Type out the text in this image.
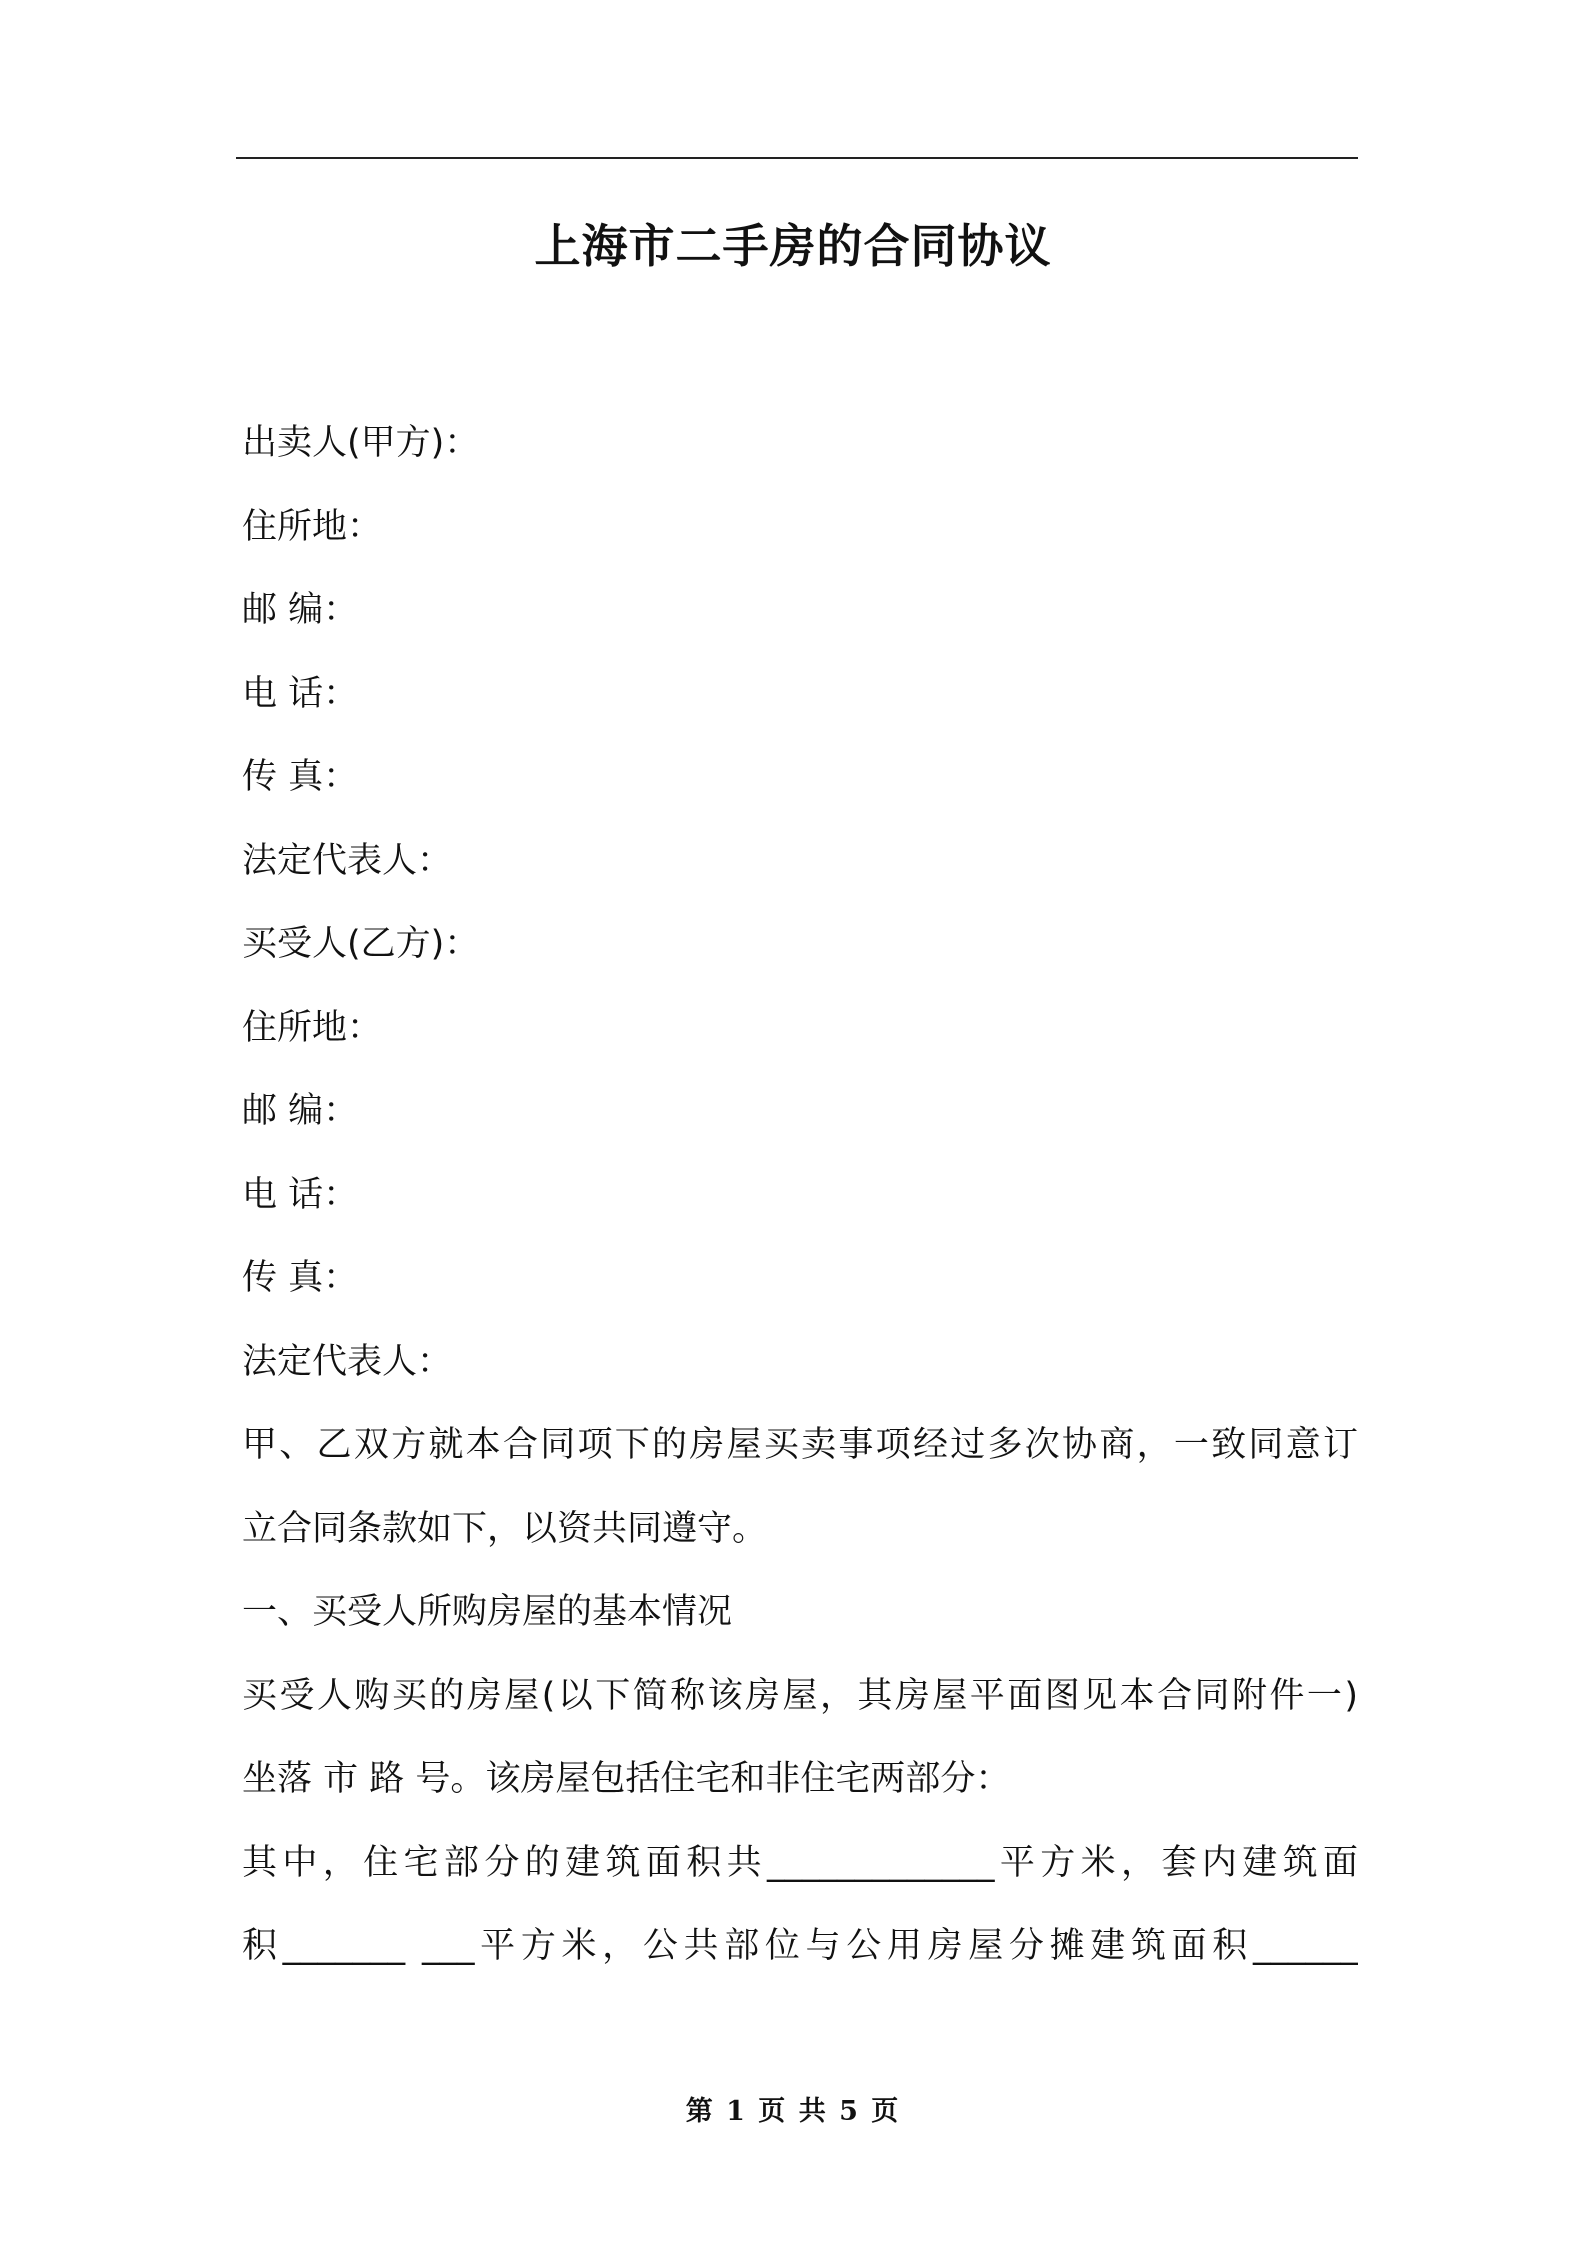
上海市二手房的合同协议
出卖人(甲方)：
住所地：
邮 编：
电 话：
传 真：
法定代表人：
买受人(乙方)：
住所地：
邮 编：
电 话：
传 真：
法定代表人：
甲、乙双方就本合同项下的房屋买卖事项经过多次协商，一致同意订
立合同条款如下，以资共同遵守。
一、买受人所购房屋的基本情况
买受人购买的房屋(以下简称该房屋，其房屋平面图见本合同附件一)
坐落 市 路 号。该房屋包括住宅和非住宅两部分：
其中，住宅部分的建筑面积共_____________平方米，套内建筑面
积_______ ___平方米，公共部位与公用房屋分摊建筑面积______
第 1 页 共 5 页
